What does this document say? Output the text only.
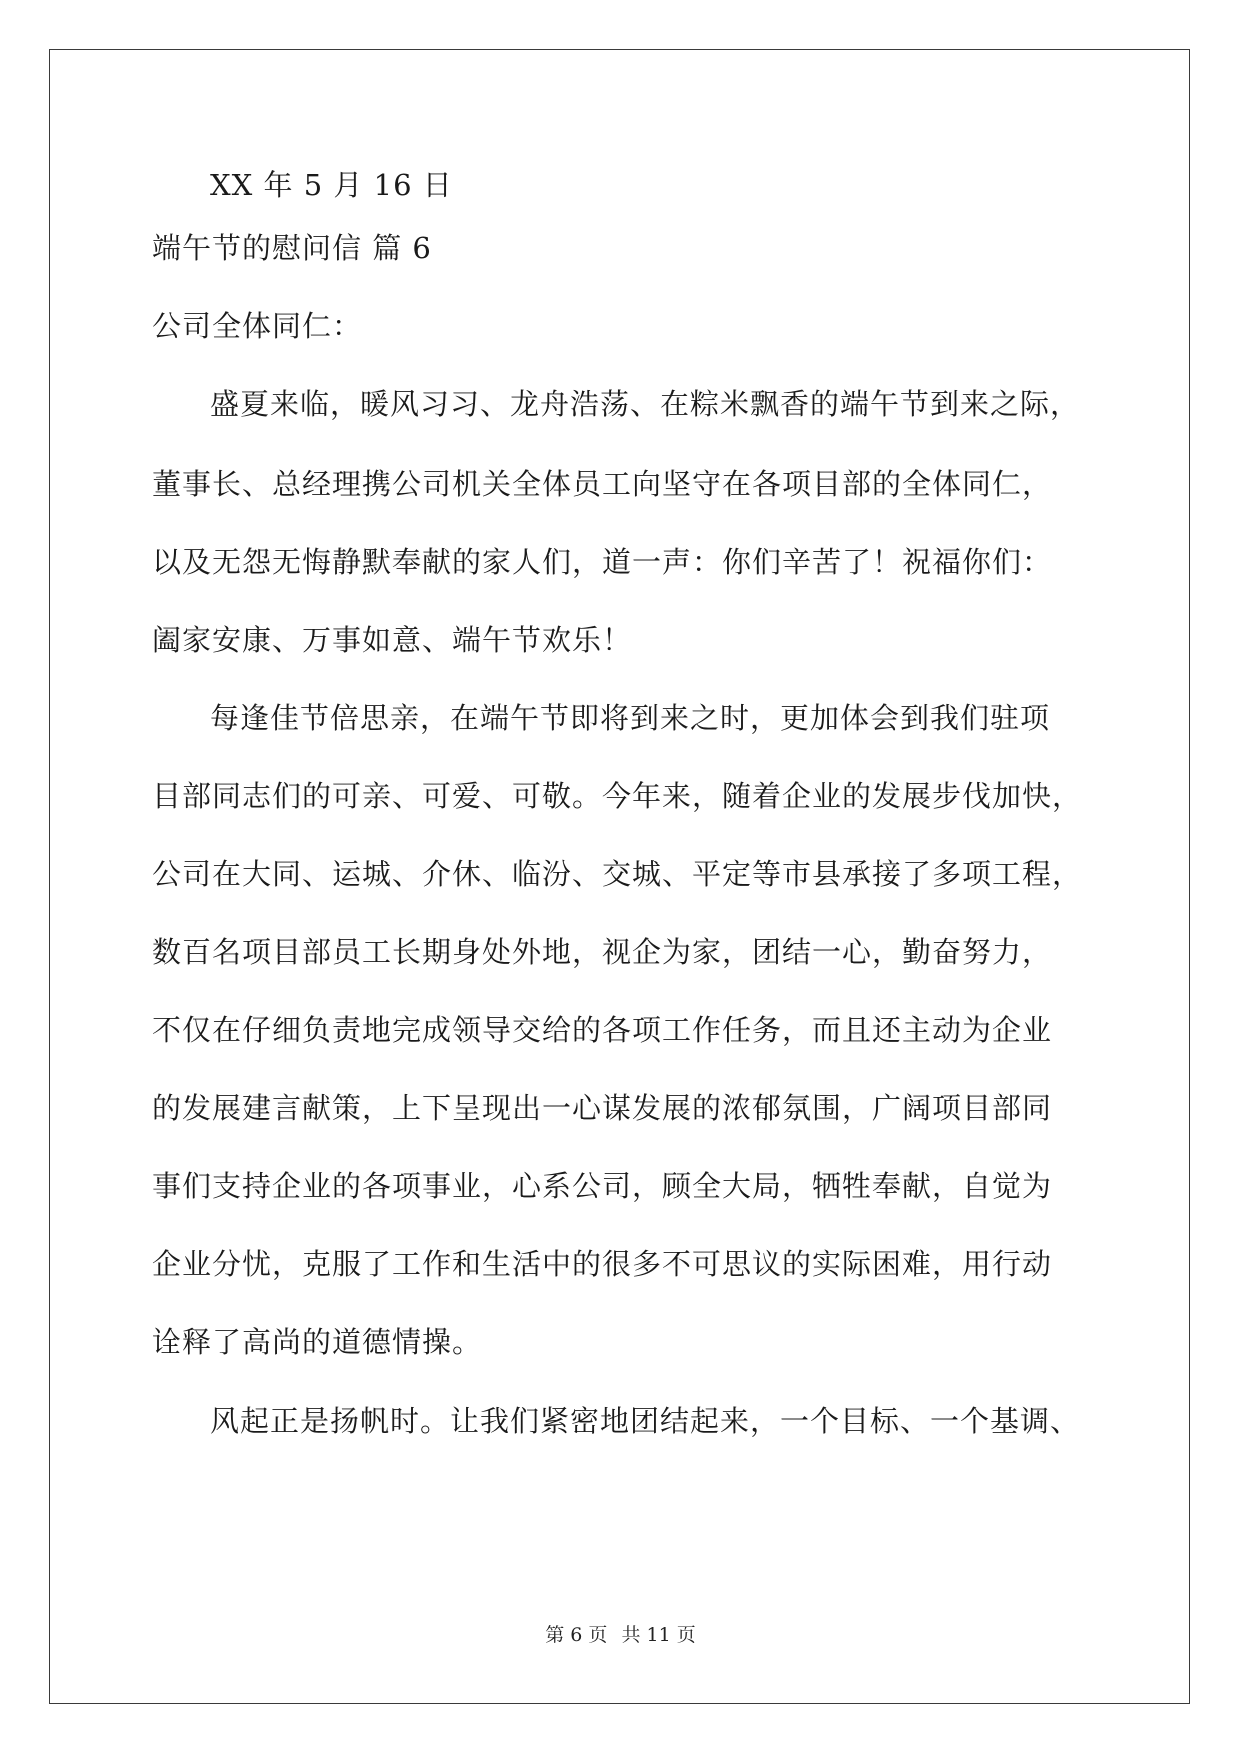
XX 年 5 月 16 日
端午节的慰问信 篇 6
公司全体同仁：
盛夏来临，暖风习习、龙舟浩荡、在粽米飘香的端午节到来之际，
董事长、总经理携公司机关全体员工向坚守在各项目部的全体同仁，
以及无怨无悔静默奉献的家人们，道一声：你们辛苦了！祝福你们：
阖家安康、万事如意、端午节欢乐！
每逢佳节倍思亲，在端午节即将到来之时，更加体会到我们驻项
目部同志们的可亲、可爱、可敬。今年来，随着企业的发展步伐加快，
公司在大同、运城、介休、临汾、交城、平定等市县承接了多项工程，
数百名项目部员工长期身处外地，视企为家，团结一心，勤奋努力，
不仅在仔细负责地完成领导交给的各项工作任务，而且还主动为企业
的发展建言献策，上下呈现出一心谋发展的浓郁氛围，广阔项目部同
事们支持企业的各项事业，心系公司，顾全大局，牺牲奉献，自觉为
企业分忧，克服了工作和生活中的很多不可思议的实际困难，用行动
诠释了高尚的道德情操。
风起正是扬帆时。让我们紧密地团结起来，一个目标、一个基调、
第 6 页 共 11 页
